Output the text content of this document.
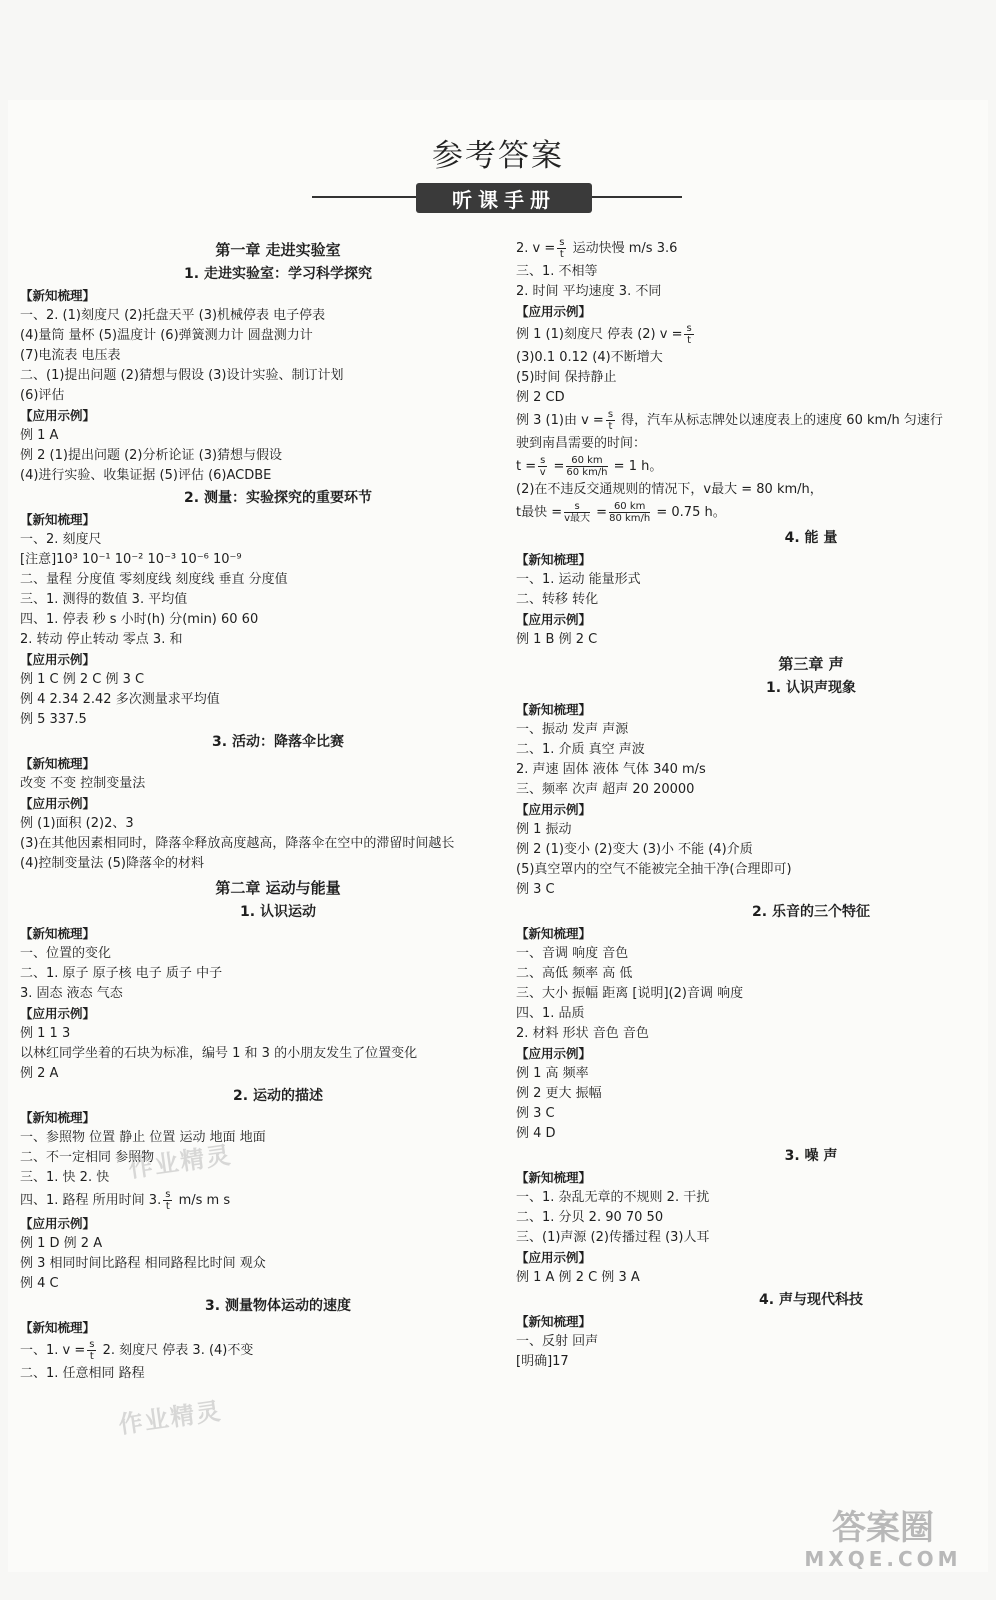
参考答案
听课手册
第一章 走进实验室
1. 走进实验室：学习科学探究
【新知梳理】
一、2. (1)刻度尺 (2)托盘天平 (3)机械停表 电子停表
(4)量筒 量杯 (5)温度计 (6)弹簧测力计 圆盘测力计
(7)电流表 电压表
二、(1)提出问题 (2)猜想与假设 (3)设计实验、制订计划
(6)评估
【应用示例】
例 1 A
例 2 (1)提出问题 (2)分析论证 (3)猜想与假设
(4)进行实验、收集证据 (5)评估 (6)ACDBE
2. 测量：实验探究的重要环节
【新知梳理】
一、2. 刻度尺
[注意]10³ 10⁻¹ 10⁻² 10⁻³ 10⁻⁶ 10⁻⁹
二、量程 分度值 零刻度线 刻度线 垂直 分度值
三、1. 测得的数值 3. 平均值
四、1. 停表 秒 s 小时(h) 分(min) 60 60
2. 转动 停止转动 零点 3. 和
【应用示例】
例 1 C 例 2 C 例 3 C
例 4 2.34 2.42 多次测量求平均值
例 5 337.5
3. 活动：降落伞比赛
【新知梳理】
改变 不变 控制变量法
【应用示例】
例 (1)面积 (2)2、3
(3)在其他因素相同时，降落伞释放高度越高，降落伞在空中的滞留时间越长
(4)控制变量法 (5)降落伞的材料
第二章 运动与能量
1. 认识运动
【新知梳理】
一、位置的变化
二、1. 原子 原子核 电子 质子 中子
3. 固态 液态 气态
【应用示例】
例 1 1 3
以林红同学坐着的石块为标准，编号 1 和 3 的小朋友发生了位置变化
例 2 A
2. 运动的描述
【新知梳理】
一、参照物 位置 静止 位置 运动 地面 地面
二、不一定相同 参照物
三、1. 快 2. 快
四、1. 路程 所用时间 3. $\frac{s}{t} m/s$ m s
【应用示例】
例 1 D 例 2 A
例 3 相同时间比路程 相同路程比时间 观众
例 4 C
3. 测量物体运动的速度
【新知梳理】
一、1. $v = \frac{s}{t} 2$. 刻度尺 停表 3. (4)不变
二、1. 任意相同 路程
2. $v = \frac{s}{t}$ 运动快慢 m/s 3.6
三、1. 不相等
2. 时间 平均速度 3. 不同
【应用示例】
例 1 (1)刻度尺 停表 (2) $v = \frac{s}{t}$
(3)0.1 0.12 (4)不断增大
(5)时间 保持静止
例 2 CD
例 3 (1)由 $v = \frac{s}{t}$ 得，汽车从标志牌处以速度表上的速度 60 km/h 匀速行
驶到南昌需要的时间：
$t = \frac{s}{v} = \frac{60 km}{60 km/h} = 1$ h。
(2)在不违反交通规则的情况下，v最大 = 80 km/h，
t最快 = $\frac{s}{\text{v最大}} = \frac{60 km}{80 km/h} = 0.75$ h。
4. 能 量
【新知梳理】
一、1. 运动 能量形式
二、转移 转化
【应用示例】
例 1 B 例 2 C
第三章 声
1. 认识声现象
【新知梳理】
一、振动 发声 声源
二、1. 介质 真空 声波
2. 声速 固体 液体 气体 340 m/s
三、频率 次声 超声 20 20000
【应用示例】
例 1 振动
例 2 (1)变小 (2)变大 (3)小 不能 (4)介质
(5)真空罩内的空气不能被完全抽干净(合理即可)
例 3 C
2. 乐音的三个特征
【新知梳理】
一、音调 响度 音色
二、高低 频率 高 低
三、大小 振幅 距离 [说明](2)音调 响度
四、1. 品质
2. 材料 形状 音色 音色
【应用示例】
例 1 高 频率
例 2 更大 振幅
例 3 C
例 4 D
3. 噪 声
【新知梳理】
一、1. 杂乱无章的不规则 2. 干扰
二、1. 分贝 2. 90 70 50
三、(1)声源 (2)传播过程 (3)人耳
【应用示例】
例 1 A 例 2 C 例 3 A
4. 声与现代科技
【新知梳理】
一、反射 回声
[明确]17
作业精灵
作业精灵
答案圈
MXQE.COM
